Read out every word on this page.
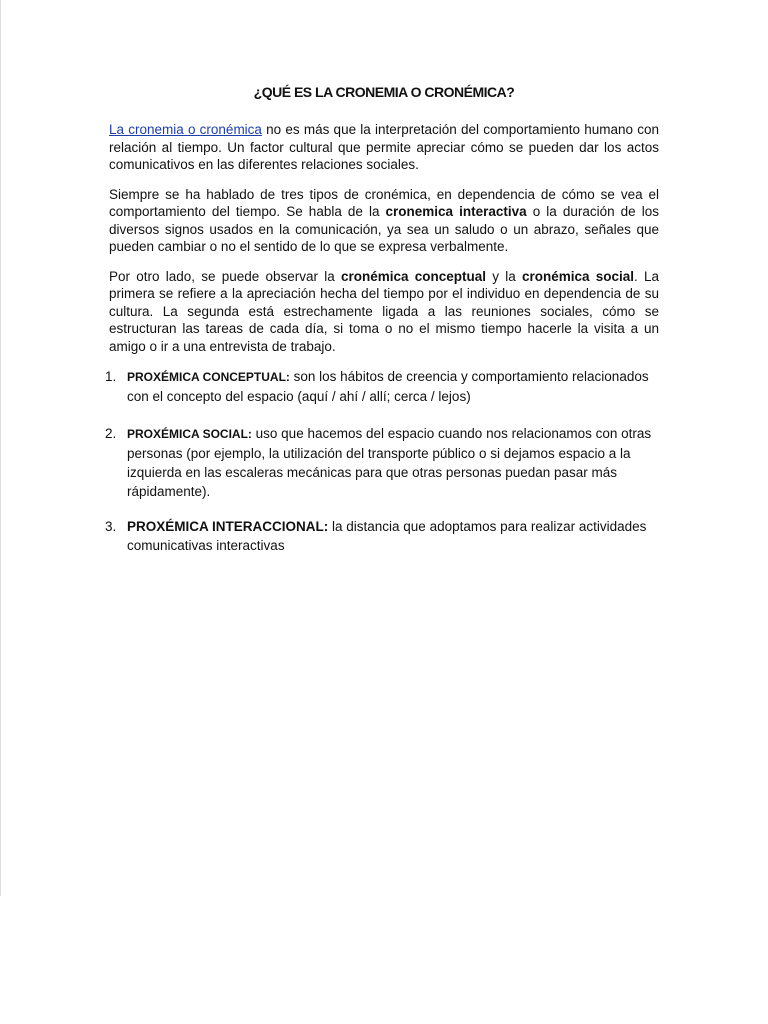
¿QUÉ ES LA CRONEMIA O CRONÉMICA?

La cronemia o cronémica no es más que la interpretación del comportamiento humano con relación al tiempo. Un factor cultural que permite apreciar cómo se pueden dar los actos comunicativos en las diferentes relaciones sociales.

Siempre se ha hablado de tres tipos de cronémica, en dependencia de cómo se vea el comportamiento del tiempo. Se habla de la cronemica interactiva o la duración de los diversos signos usados en la comunicación, ya sea un saludo o un abrazo, señales que pueden cambiar o no el sentido de lo que se expresa verbalmente.

Por otro lado, se puede observar la cronémica conceptual y la cronémica social. La primera se refiere a la apreciación hecha del tiempo por el individuo en dependencia de su cultura. La segunda está estrechamente ligada a las reuniones sociales, cómo se estructuran las tareas de cada día, si toma o no el mismo tiempo hacerle la visita a un amigo o ir a una entrevista de trabajo.

1. PROXÉMICA CONCEPTUAL: son los hábitos de creencia y comportamiento relacionados con el concepto del espacio (aquí / ahí / allí; cerca / lejos)
2. PROXÉMICA SOCIAL: uso que hacemos del espacio cuando nos relacionamos con otras personas (por ejemplo, la utilización del transporte público o si dejamos espacio a la izquierda en las escaleras mecánicas para que otras personas puedan pasar más rápidamente).
3. PROXÉMICA INTERACCIONAL: la distancia que adoptamos para realizar actividades comunicativas interactivas
